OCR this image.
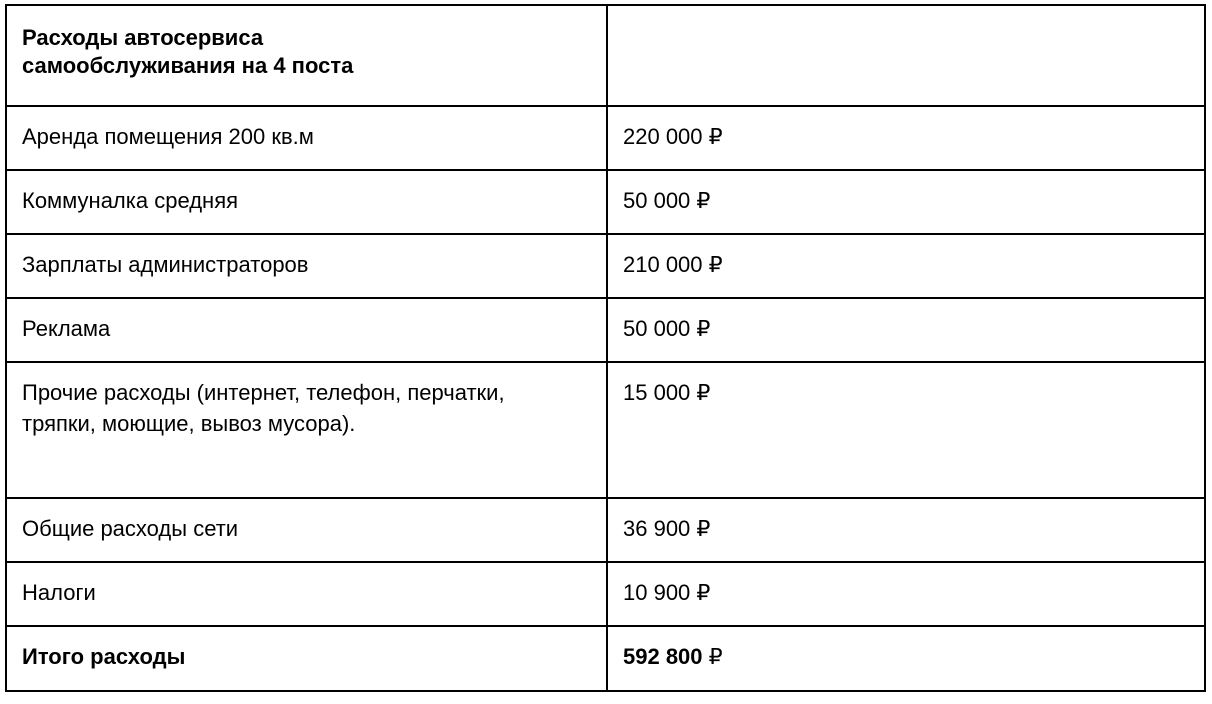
Расходы автосервиса
самообслуживания на 4 поста	
Аренда помещения 200 кв.м	220 000 ₽
Коммуналка средняя	50 000 ₽
Зарплаты администраторов	210 000 ₽
Реклама	50 000 ₽
Прочие расходы (интернет, телефон, перчатки, тряпки, моющие, вывоз мусора).	15 000 ₽
Общие расходы сети	36 900 ₽
Налоги	10 900 ₽
Итого расходы	592 800 ₽
